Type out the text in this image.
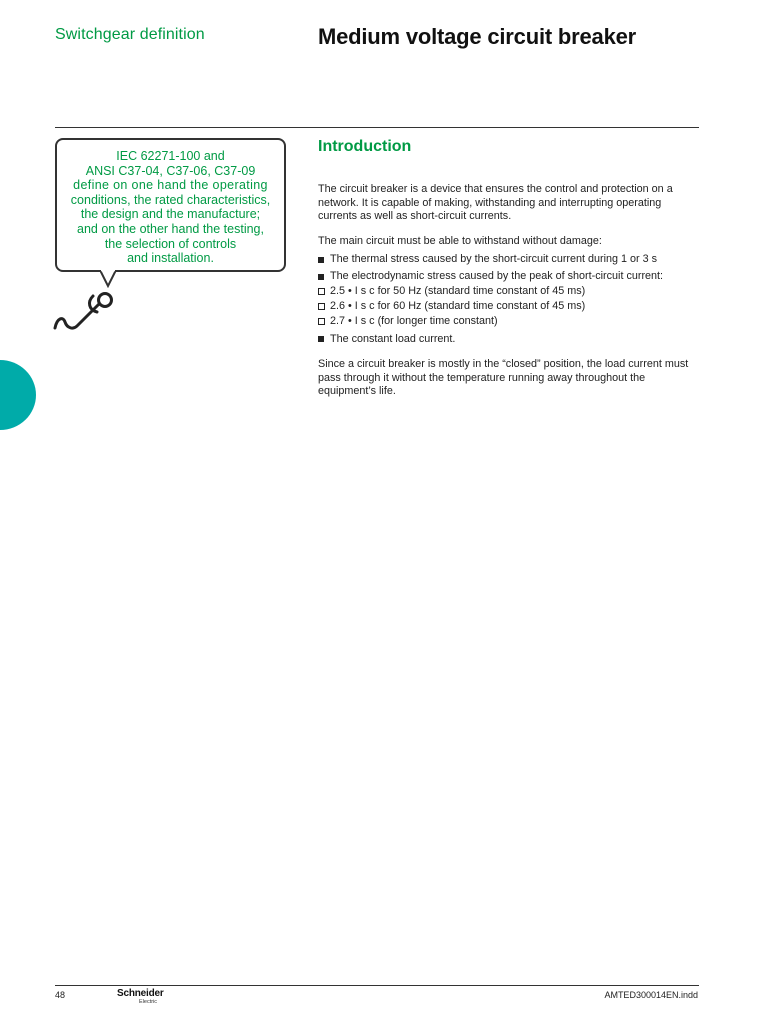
Switchgear definition	Medium voltage circuit breaker
IEC 62271-100 and
ANSI C37-04, C37-06, C37-09
define on one hand the operating
conditions, the rated characteristics,
the design and the manufacture;
and on the other hand the testing,
the selection of controls
and installation.
Introduction

The circuit breaker is a device that ensures the control and protection on a network. It is capable of making, withstanding and interrupting operating currents as well as short-circuit currents.

The main circuit must be able to withstand without damage:

The thermal stress caused by the short-circuit current during 1 or 3 s
The electrodynamic stress caused by the peak of short-circuit current:
2.5 • I s c for 50 Hz (standard time constant of 45 ms)
2.6 • I s c for 60 Hz (standard time constant of 45 ms)
2.7 • I s c (for longer time constant)
The constant load current.

Since a circuit breaker is mostly in the “closed” position, the load current must pass through it without the temperature running away throughout the equipment’s life.

48	Schneider
Electric
AMTED300014EN.indd
